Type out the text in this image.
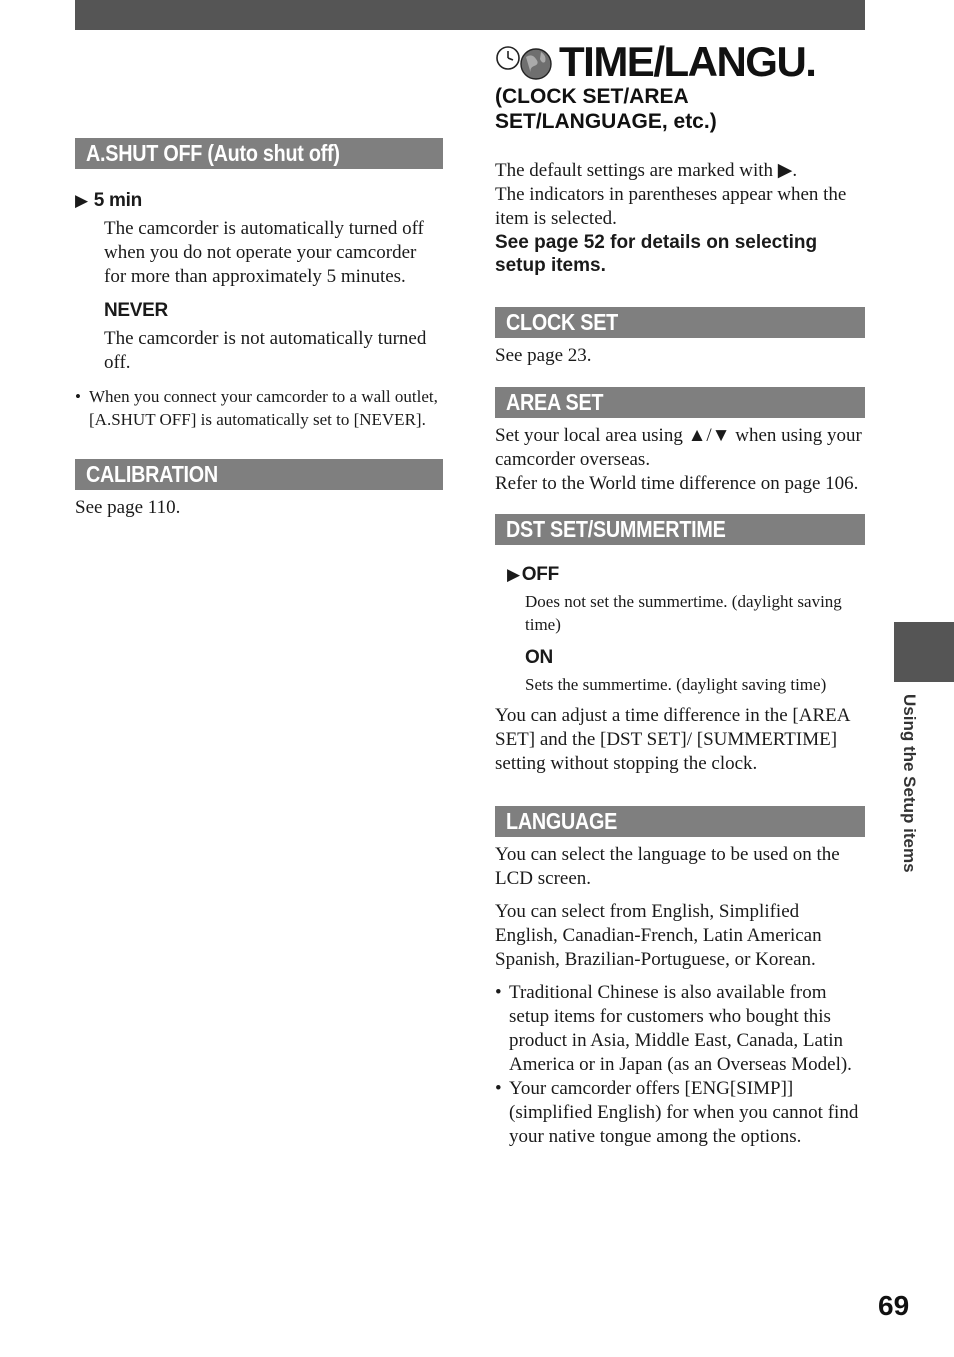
A.SHUT OFF (Auto shut off)
▶ 5 min

The camcorder is automatically turned off when you do not operate your camcorder for more than approximately 5 minutes.

NEVER

The camcorder is not automatically turned off.

• When you connect your camcorder to a wall outlet, [A.SHUT OFF] is automatically set to [NEVER].
CALIBRATION

See page 110.

TIME/LANGU.
(CLOCK SET/AREA SET/LANGUAGE, etc.)

The default settings are marked with ▶.

The indicators in parentheses appear when the item is selected.

See page 52 for details on selecting setup items.
CLOCK SET

See page 23.

AREA SET

Set your local area using ▲/▼ when using your camcorder overseas.

Refer to the World time difference on page 106.

DST SET/SUMMERTIME
▶ OFF

Does not set the summertime. (daylight saving time)

ON

Sets the summertime. (daylight saving time)

You can adjust a time difference in the [AREA SET] and the [DST SET]/ [SUMMERTIME] setting without stopping the clock.

LANGUAGE

You can select the language to be used on the LCD screen.

You can select from English, Simplified English, Canadian-French, Latin American Spanish, Brazilian-Portuguese, or Korean.

• Traditional Chinese is also available from setup items for customers who bought this product in Asia, Middle East, Canada, Latin America or in Japan (as an Overseas Model).
• Your camcorder offers [ENG[SIMP]] (simplified English) for when you cannot find your native tongue among the options.
Using the Setup items
69
